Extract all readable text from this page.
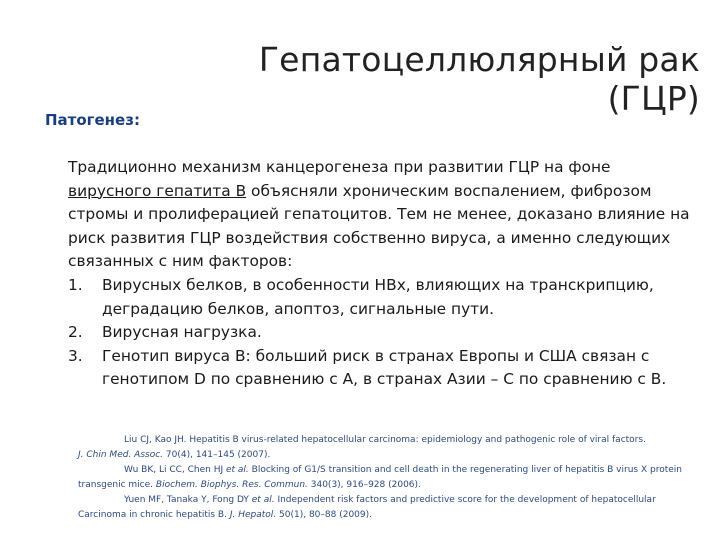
Гепатоцеллюлярный рак (ГЦР)
Патогенез:

Традиционно механизм канцерогенеза при развитии ГЦР на фоне
вирусного гепатита B объясняли хроническим воспалением, фиброзом стромы и пролиферацией гепатоцитов. Тем не менее, доказано влияние на риск развития ГЦР воздействия собственно вируса, а именно следующих связанных с ним факторов:

1. Вирусных белков, в особенности HBx, влияющих на транскрипцию, деградацию белков, апоптоз, сигнальные пути.
2. Вирусная нагрузка.
3. Генотип вируса B: больший риск в странах Европы и США связан с генотипом D по сравнению с A, в странах Азии – C по сравнению с B.

Liu CJ, Kao JH. Hepatitis B virus-related hepatocellular carcinoma: epidemiology and pathogenic role of viral factors.
J. Chin Med. Assoc. 70(4), 141–145 (2007).

Wu BK, Li CC, Chen HJ et al. Blocking of G1/S transition and cell death in the regenerating liver of hepatitis B virus X protein transgenic mice. Biochem. Biophys. Res. Commun. 340(3), 916–928 (2006).

Yuen MF, Tanaka Y, Fong DY et al. Independent risk factors and predictive score for the development of hepatocellular Carcinoma in chronic hepatitis B. J. Hepatol. 50(1), 80–88 (2009).
